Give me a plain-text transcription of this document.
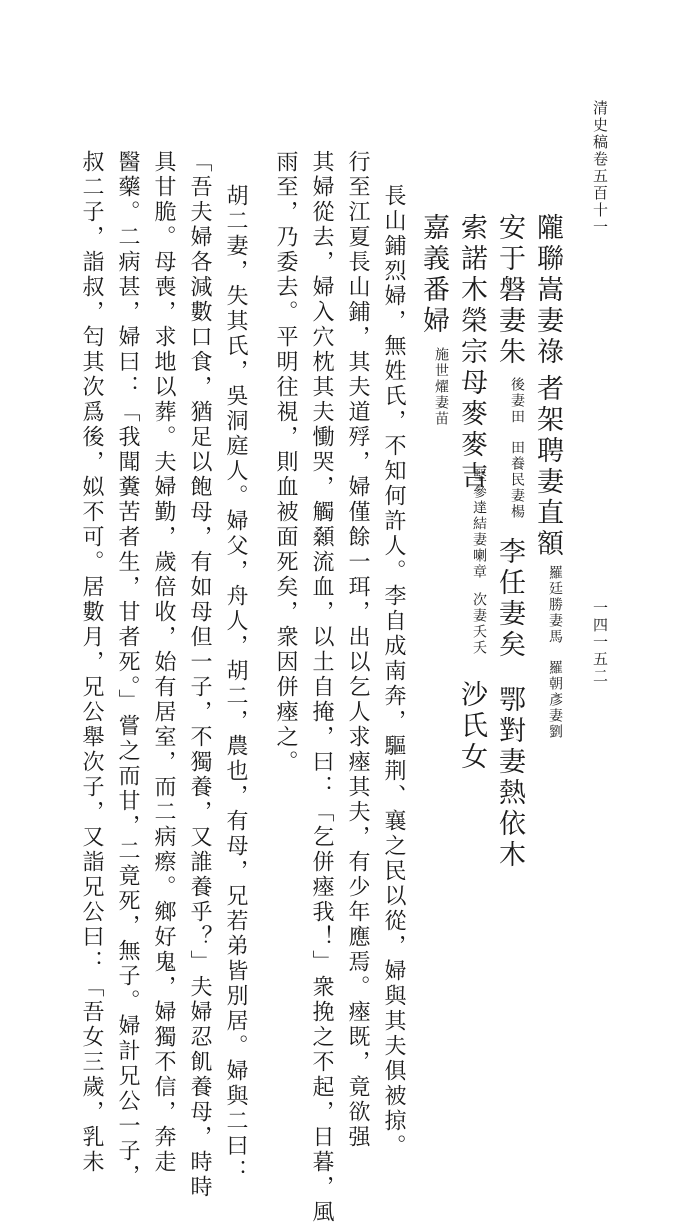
清史稿卷五百十一
一四一五二
隴聯嵩妻祿
者架聘妻直額
羅廷勝妻馬
羅朝彥妻劉
安于磐妻朱
後妻田
田養民妻楊
李任妻矣
鄂對妻熱依木
索諾木榮宗母麥麥吉
堅參達結妻喇章
次妻夭夭
沙氏女
嘉義番婦
施世燿妻苗
長山鋪烈婦，無姓氏，不知何許人。李自成南奔，驅荆、襄之民以從，婦與其夫俱被掠。
行至江夏長山鋪，其夫道殍，婦僅餘一珥，出以乞人求瘞其夫，有少年應焉。瘞既，竟欲强
其婦從去，婦入穴枕其夫慟哭，觸顙流血，以土自掩，曰：「乞併瘞我！」衆挽之不起，日暮，風
雨至，乃委去。平明往視，則血被面死矣，衆因併瘞之。
胡二妻，失其氏，吳洞庭人。婦父，舟人，胡二，農也，有母，兄若弟皆別居。婦與二曰：
「吾夫婦各減數口食，猶足以飽母，有如母但一子，不獨養，又誰養乎？」夫婦忍飢養母，時時
具甘脆。母喪，求地以葬。夫婦勤，歲倍收，始有居室，而二病瘵。鄉好鬼，婦獨不信，奔走
醫藥。二病甚，婦曰：「我聞糞苦者生，甘者死。」嘗之而甘，二竟死，無子。婦計兄公一子，
叔二子，詣叔，匄其次爲後，姒不可。居數月，兄公舉次子，又詣兄公曰：「吾女三歲，乳未
